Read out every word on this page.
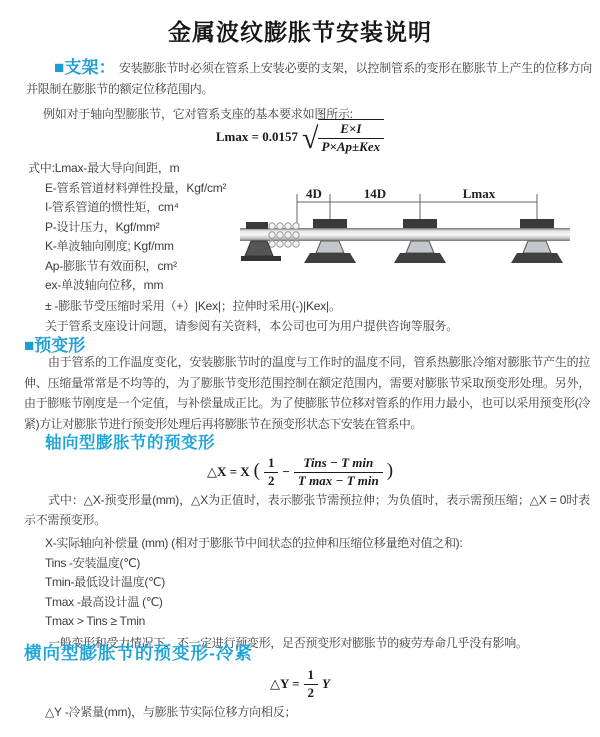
金属波纹膨胀节安装说明

■支架： 安装膨胀节时必须在管系上安装必要的支架，以控制管系的变形在膨胀节上产生的位移方向并限制在膨胀节的额定位移范围内。

例如对于轴向型膨胀节，它对管系支座的基本要求如图所示:

Lmax = 0.0157 √ $\frac{E\times I}{\text{P×Ap±Kex}}$
式中:Lmax-最大导向间距，m
E-管系管道材料弹性投量，Kgf/cm²
I-管系管道的惯性矩，cm⁴
P-设计压力，Kgf/mm²
K-单波轴向刚度; Kgf/mm
Ap-膨胀节有效面积，cm²
ex-单波轴向位移，mm
± -膨胀节受压缩时采用（+）|Kex|；拉伸时采用(-)|Kex|。
关于管系支座设计问题，请参阅有关资料，本公司也可为用户提供咨询等服务。
4D	14D	Lmax
■预变形

由于管系的工作温度变化，安装膨胀节时的温度与工作时的温度不同，管系热膨胀冷缩对膨胀节产生的拉伸、压缩量常常是不均等的，为了膨胀节变形范围控制在额定范围内，需要对膨胀节采取预变形处理。另外，由于膨账节刚度是一个定值，与补偿量成正比。为了使膨胀节位移对管系的作用力最小，也可以采用预变形(冷紧)方让对膨胀节进行预变形处理后再将膨胀节在预变形状态下安装在管系中。

轴向型膨胀节的预变形
△X = X ( $\frac{1}{2} - \frac{\text{Tins − T min}}{\text{T max − T min}}$ )

式中：△X-预变形量(mm)，△X为正值时，表示膨张节需预拉伸；为负值时，表示需预压缩；△X = 0时表示不需预变形。

X-实际轴向补偿量 (mm) (相对于膨胀节中间状态的拉伸和压缩位移量绝对值之和):
Tins -安装温度(℃)
Tmin-最低设计温度(℃)
Tmax -最高设计温 (℃)
Tmax > Tins ≥ Tmin
一般变形和受力情况下，不一定进行预变形，足否预变形对膨胀节的疲劳寿命几乎没有影响。
横向型膨胀节的预变形-冷紧
△Y = $\frac{1}{2}$ Y
△Y -冷紧量(mm)，与膨胀节实际位移方向相反；
